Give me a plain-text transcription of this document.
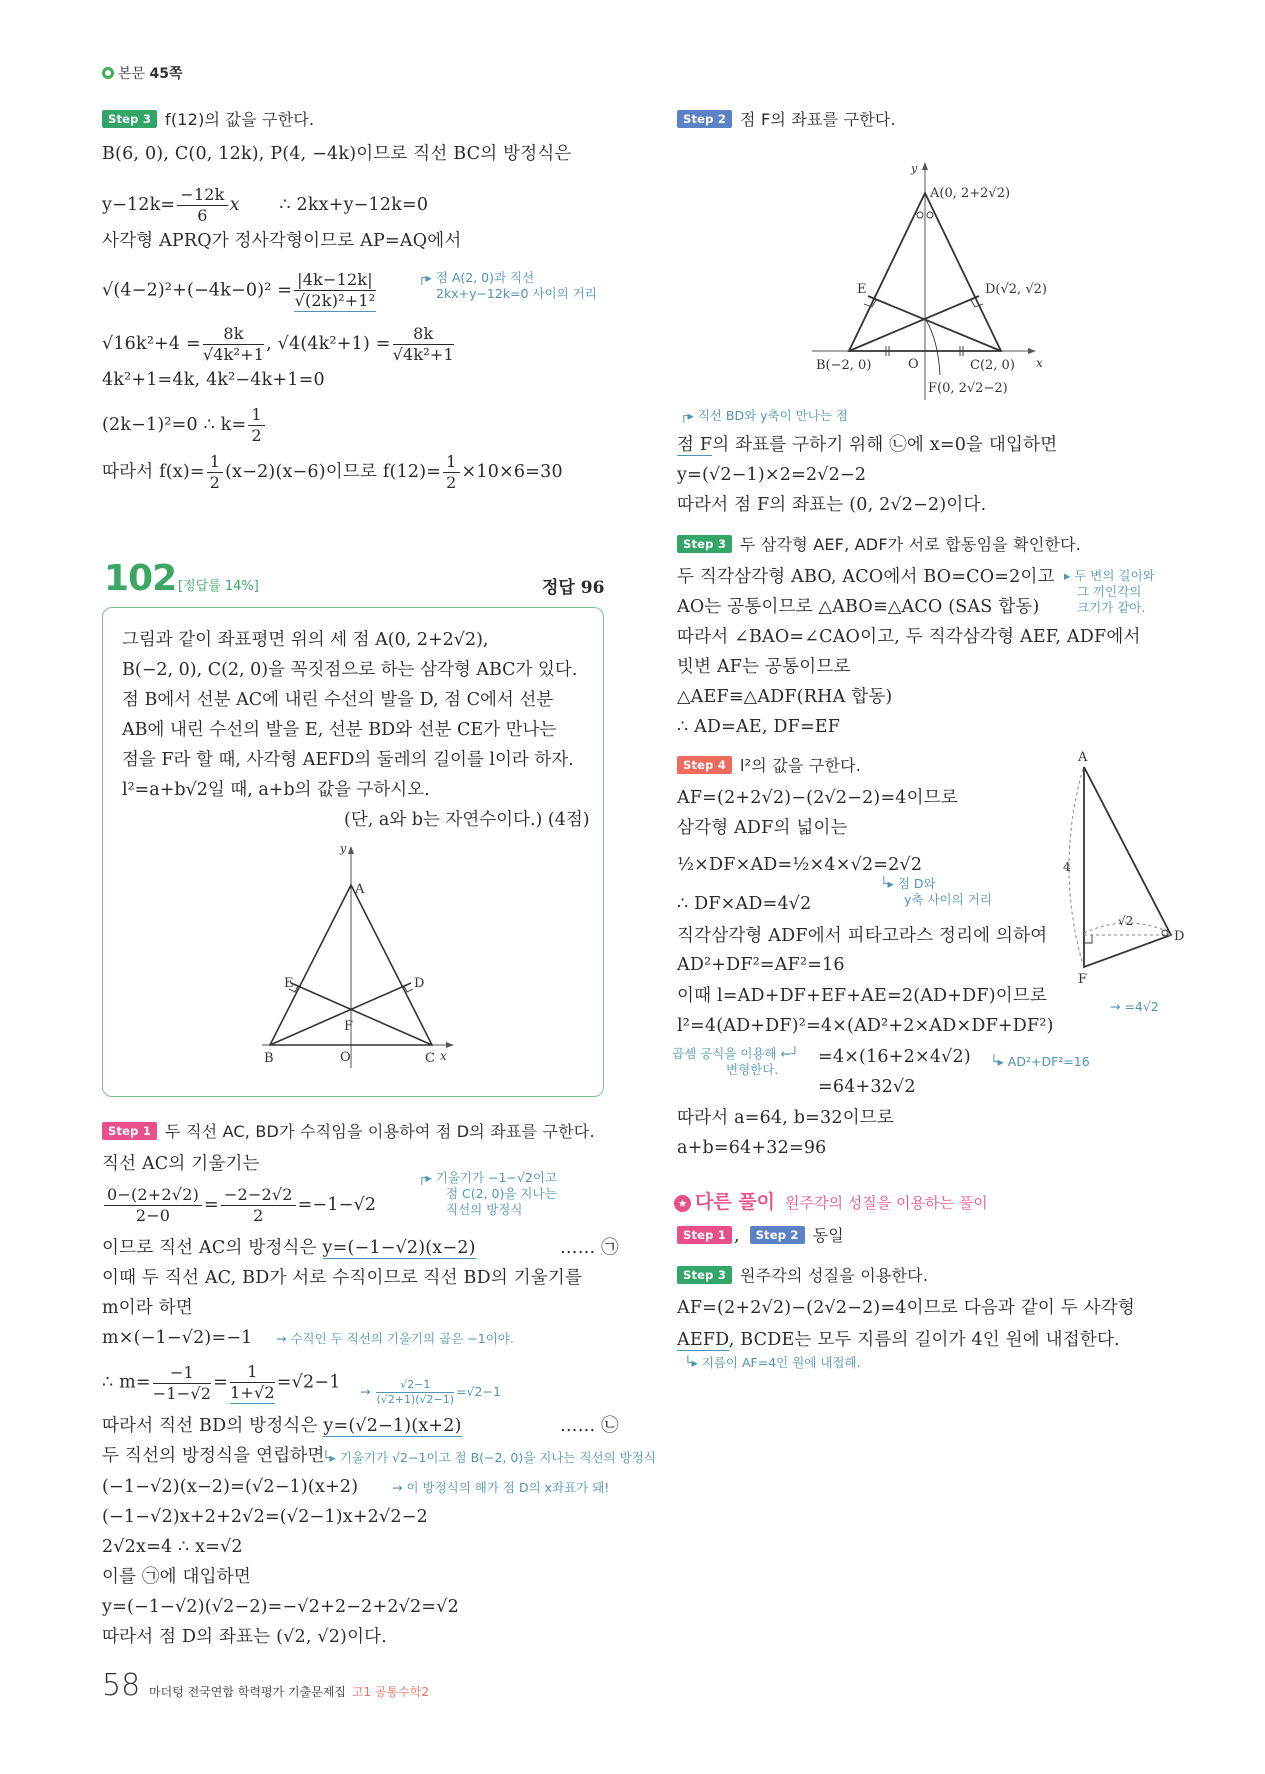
본문 45쪽
Step 3 f(12)의 값을 구한다.
B(6, 0), C(0, 12k), P(4, −4k)이므로 직선 BC의 방정식은
$y-12k= \frac{-12k}{6}$ x ∴ 2kx+y−12k=0
사각형 APRQ가 정사각형이므로 AP=AQ에서
$√(4-2)^2+(-4k-0)^2 = \frac{|4k-12k|}{\text{√(2k)²+1²}}$	┌▸ 점 A(2, 0)과 직선
2kx+y−12k=0 사이의 거리
$√16k^2+4 = \frac{8k}{\text{√4k²+1}}$ , $√4(4k^2+1) = \frac{8k}{\text{√4k²+1}}$
4k²+1=4k, 4k²−4k+1=0
(2k−1)²=0 ∴ $k= \frac{1}{2}$
따라서 $f(x)= \frac{1}{2} (x-2)(x-6)$이므로 $f(12)= \frac{1}{2} \times 10\times 6=30$
102 [정답률 14%]	정답 96
그림과 같이 좌표평면 위의 세 점 A(0, 2+2√2),
B(−2, 0), C(2, 0)을 꼭짓점으로 하는 삼각형 ABC가 있다.
점 B에서 선분 AC에 내린 수선의 발을 D, 점 C에서 선분
AB에 내린 수선의 발을 E, 선분 BD와 선분 CE가 만나는
점을 F라 할 때, 사각형 AEFD의 둘레의 길이를 l이라 하자.
l²=a+b√2일 때, a+b의 값을 구하시오.
(단, a와 b는 자연수이다.) (4점)
y
A
E	D
F
B	O	C x
Step 1 두 직선 AC, BD가 수직임을 이용하여 점 D의 좌표를 구한다.
직선 AC의 기울기는
$\frac{0-(2+2√2)}{2-0} = \frac{-2-2√2}{2} =-1-√2$
┌▸ 기울기가 −1−√2이고
점 C(2, 0)을 지나는
직선의 방정식
이므로 직선 AC의 방정식은 y=(−1−√2)(x−2)	…… ㉠
이때 두 직선 AC, BD가 서로 수직이므로 직선 BD의 기울기를
m이라 하면
m×(−1−√2)=−1 → 수직인 두 직선의 기울기의 곱은 −1이야.
∴ $m= \frac{-1}{-1-√2} = \frac{1}{1+√2} =√2-1 \to \frac{√2-1}{(√2+1)(√2-1)} =√2-1$
따라서 직선 BD의 방정식은 y=(√2−1)(x+2)	…… ㉡
두 직선의 방정식을 연립하면
└▸ 기울기가 √2−1이고 점 B(−2, 0)을 지나는 직선의 방정식
(−1−√2)(x−2)=(√2−1)(x+2)	→ 이 방정식의 해가 점 D의 x좌표가 돼!
(−1−√2)x+2+2√2=(√2−1)x+2√2−2
2√2x=4 ∴ x=√2
이를 ㉠에 대입하면
y=(−1−√2)(√2−2)=−√2+2−2+2√2=√2
따라서 점 D의 좌표는 (√2, √2)이다.
58 마더텅 전국연합 학력평가 기출문제집 고1 공통수학2
Step 2 점 F의 좌표를 구한다.
y
A(0, 2+2√2)
E	D(√2, √2)
B(−2, 0)	O	C(2, 0) x
F(0, 2√2−2)
┌▸ 직선 BD와 y축이 만나는 점
점 F의 좌표를 구하기 위해 ㉡에 x=0을 대입하면
y=(√2−1)×2=2√2−2
따라서 점 F의 좌표는 (0, 2√2−2)이다.
Step 3 두 삼각형 AEF, ADF가 서로 합동임을 확인한다.
두 직각삼각형 ABO, ACO에서 BO=CO=2이고
AO는 공통이므로 △ABO≡△ACO (SAS 합동)
▸ 두 변의 길이와
그 끼인각의
크기가 같아.
따라서 ∠BAO=∠CAO이고, 두 직각삼각형 AEF, ADF에서
빗변 AF는 공통이므로
△AEF≡△ADF(RHA 합동)
∴ AD=AE, DF=EF
Step 4 l²의 값을 구한다.
AF=(2+2√2)−(2√2−2)=4이므로
삼각형 ADF의 넓이는
½×DF×AD=½×4×√2=2√2
└▸ 점 D와
y축 사이의 거리
∴ DF×AD=4√2
직각삼각형 ADF에서 피타고라스 정리에 의하여
AD²+DF²=AF²=16
이때 l=AD+DF+EF+AE=2(AD+DF)이므로
→ =4√2
l²=4(AD+DF)²=4×(AD²+2×AD×DF+DF²)
곱셈 공식을 이용해 ←┘
변형한다.
=4×(16+2×4√2) └▸ AD²+DF²=16
=64+32√2
따라서 a=64, b=32이므로
a+b=64+32=96
A
4
√2
D
F
★ 다른 풀이 원주각의 성질을 이용하는 풀이
Step 1 , Step 2 동일
Step 3 원주각의 성질을 이용한다.
AF=(2+2√2)−(2√2−2)=4이므로 다음과 같이 두 사각형
AEFD, BCDE는 모두 지름의 길이가 4인 원에 내접한다.
└▸ 지름이 AF=4인 원에 내접해.
